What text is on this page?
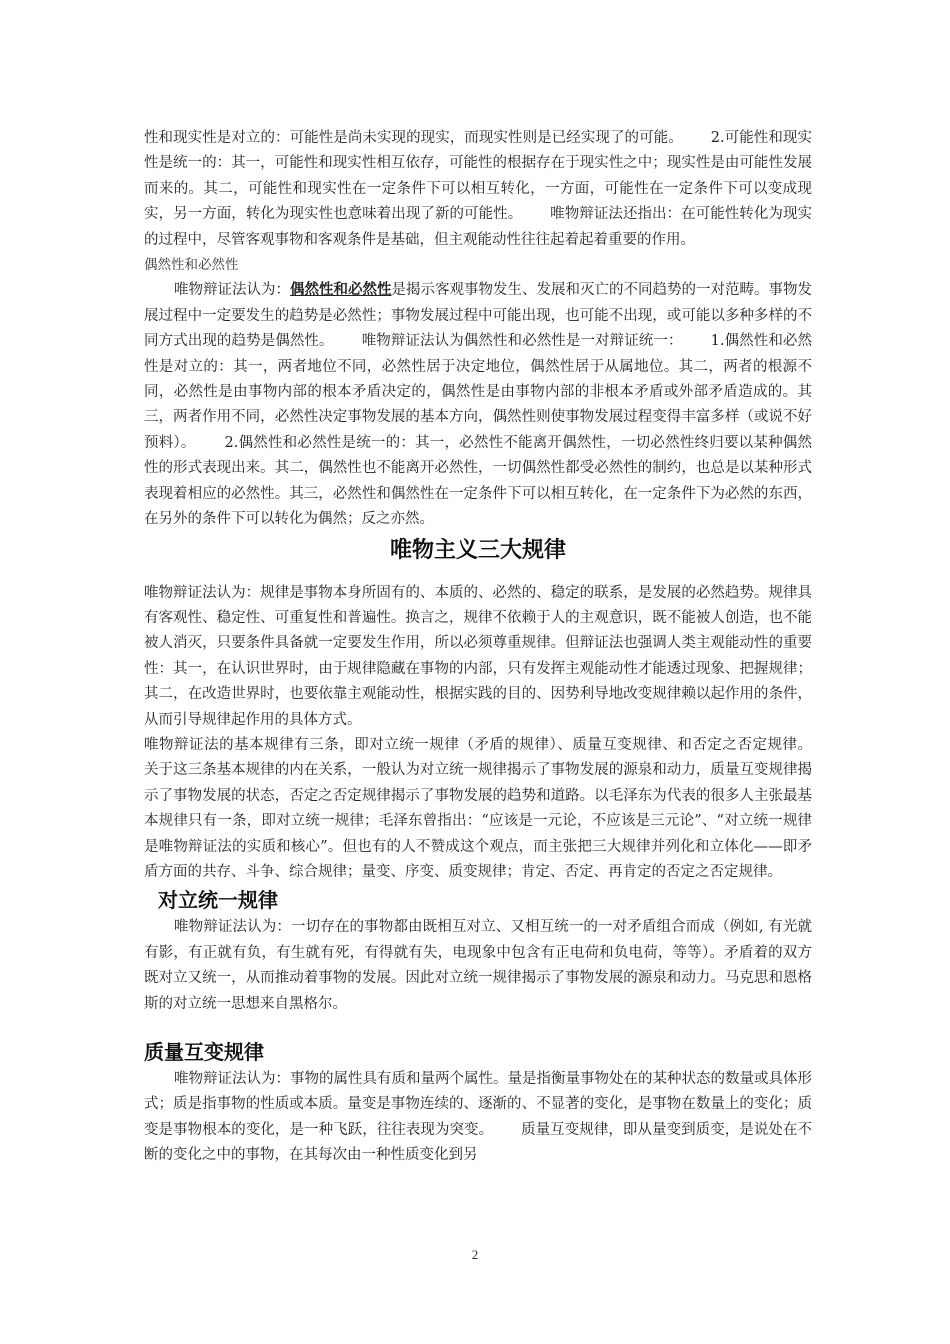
性和现实性是对立的：可能性是尚未实现的现实，而现实性则是已经实现了的可能。      2.可能性和现实性是统一的：其一，可能性和现实性相互依存，可能性的根据存在于现实性之中；现实性是由可能性发展而来的。其二，可能性和现实性在一定条件下可以相互转化，一方面，可能性在一定条件下可以变成现实，另一方面，转化为现实性也意味着出现了新的可能性。      唯物辩证法还指出：在可能性转化为现实的过程中，尽管客观事物和客观条件是基础，但主观能动性往往起着起着重要的作用。

偶然性和必然性

唯物辩证法认为：偶然性和必然性是揭示客观事物发生、发展和灭亡的不同趋势的一对范畴。事物发展过程中一定要发生的趋势是必然性；事物发展过程中可能出现，也可能不出现，或可能以多种多样的不同方式出现的趋势是偶然性。      唯物辩证法认为偶然性和必然性是一对辩证统一：      1.偶然性和必然性是对立的：其一，两者地位不同，必然性居于决定地位，偶然性居于从属地位。其二，两者的根源不同，必然性是由事物内部的根本矛盾决定的，偶然性是由事物内部的非根本矛盾或外部矛盾造成的。其三，两者作用不同，必然性决定事物发展的基本方向，偶然性则使事物发展过程变得丰富多样（或说不好预料）。      2.偶然性和必然性是统一的：其一，必然性不能离开偶然性，一切必然性终归要以某种偶然性的形式表现出来。其二，偶然性也不能离开必然性，一切偶然性都受必然性的制约，也总是以某种形式表现着相应的必然性。其三，必然性和偶然性在一定条件下可以相互转化，在一定条件下为必然的东西，在另外的条件下可以转化为偶然；反之亦然。

唯物主义三大规律

唯物辩证法认为：规律是事物本身所固有的、本质的、必然的、稳定的联系，是发展的必然趋势。规律具有客观性、稳定性、可重复性和普遍性。换言之，规律不依赖于人的主观意识，既不能被人创造，也不能被人消灭，只要条件具备就一定要发生作用，所以必须尊重规律。但辩证法也强调人类主观能动性的重要性：其一，在认识世界时，由于规律隐藏在事物的内部，只有发挥主观能动性才能透过现象、把握规律；其二，在改造世界时，也要依靠主观能动性，根据实践的目的、因势利导地改变规律赖以起作用的条件，从而引导规律起作用的具体方式。

唯物辩证法的基本规律有三条，即对立统一规律（矛盾的规律）、质量互变规律、和否定之否定规律。      关于这三条基本规律的内在关系，一般认为对立统一规律揭示了事物发展的源泉和动力，质量互变规律揭示了事物发展的状态，否定之否定规律揭示了事物发展的趋势和道路。以毛泽东为代表的很多人主张最基本规律只有一条，即对立统一规律；毛泽东曾指出：“应该是一元论，不应该是三元论”、“对立统一规律是唯物辩证法的实质和核心”。但也有的人不赞成这个观点，而主张把三大规律并列化和立体化——即矛盾方面的共存、斗争、综合规律；量变、序变、质变规律；肯定、否定、再肯定的否定之否定规律。

对立统一规律

唯物辩证法认为：一切存在的事物都由既相互对立、又相互统一的一对矛盾组合而成（例如, 有光就有影，有正就有负，有生就有死，有得就有失，电现象中包含有正电荷和负电荷，等等）。矛盾着的双方既对立又统一，从而推动着事物的发展。因此对立统一规律揭示了事物发展的源泉和动力。马克思和恩格斯的对立统一思想来自黑格尔。

质量互变规律

唯物辩证法认为：事物的属性具有质和量两个属性。量是指衡量事物处在的某种状态的数量或具体形式；质是指事物的性质或本质。量变是事物连续的、逐渐的、不显著的变化，是事物在数量上的变化；质变是事物根本的变化，是一种飞跃，往往表现为突变。      质量互变规律，即从量变到质变，是说处在不断的变化之中的事物，在其每次由一种性质变化到另

2
